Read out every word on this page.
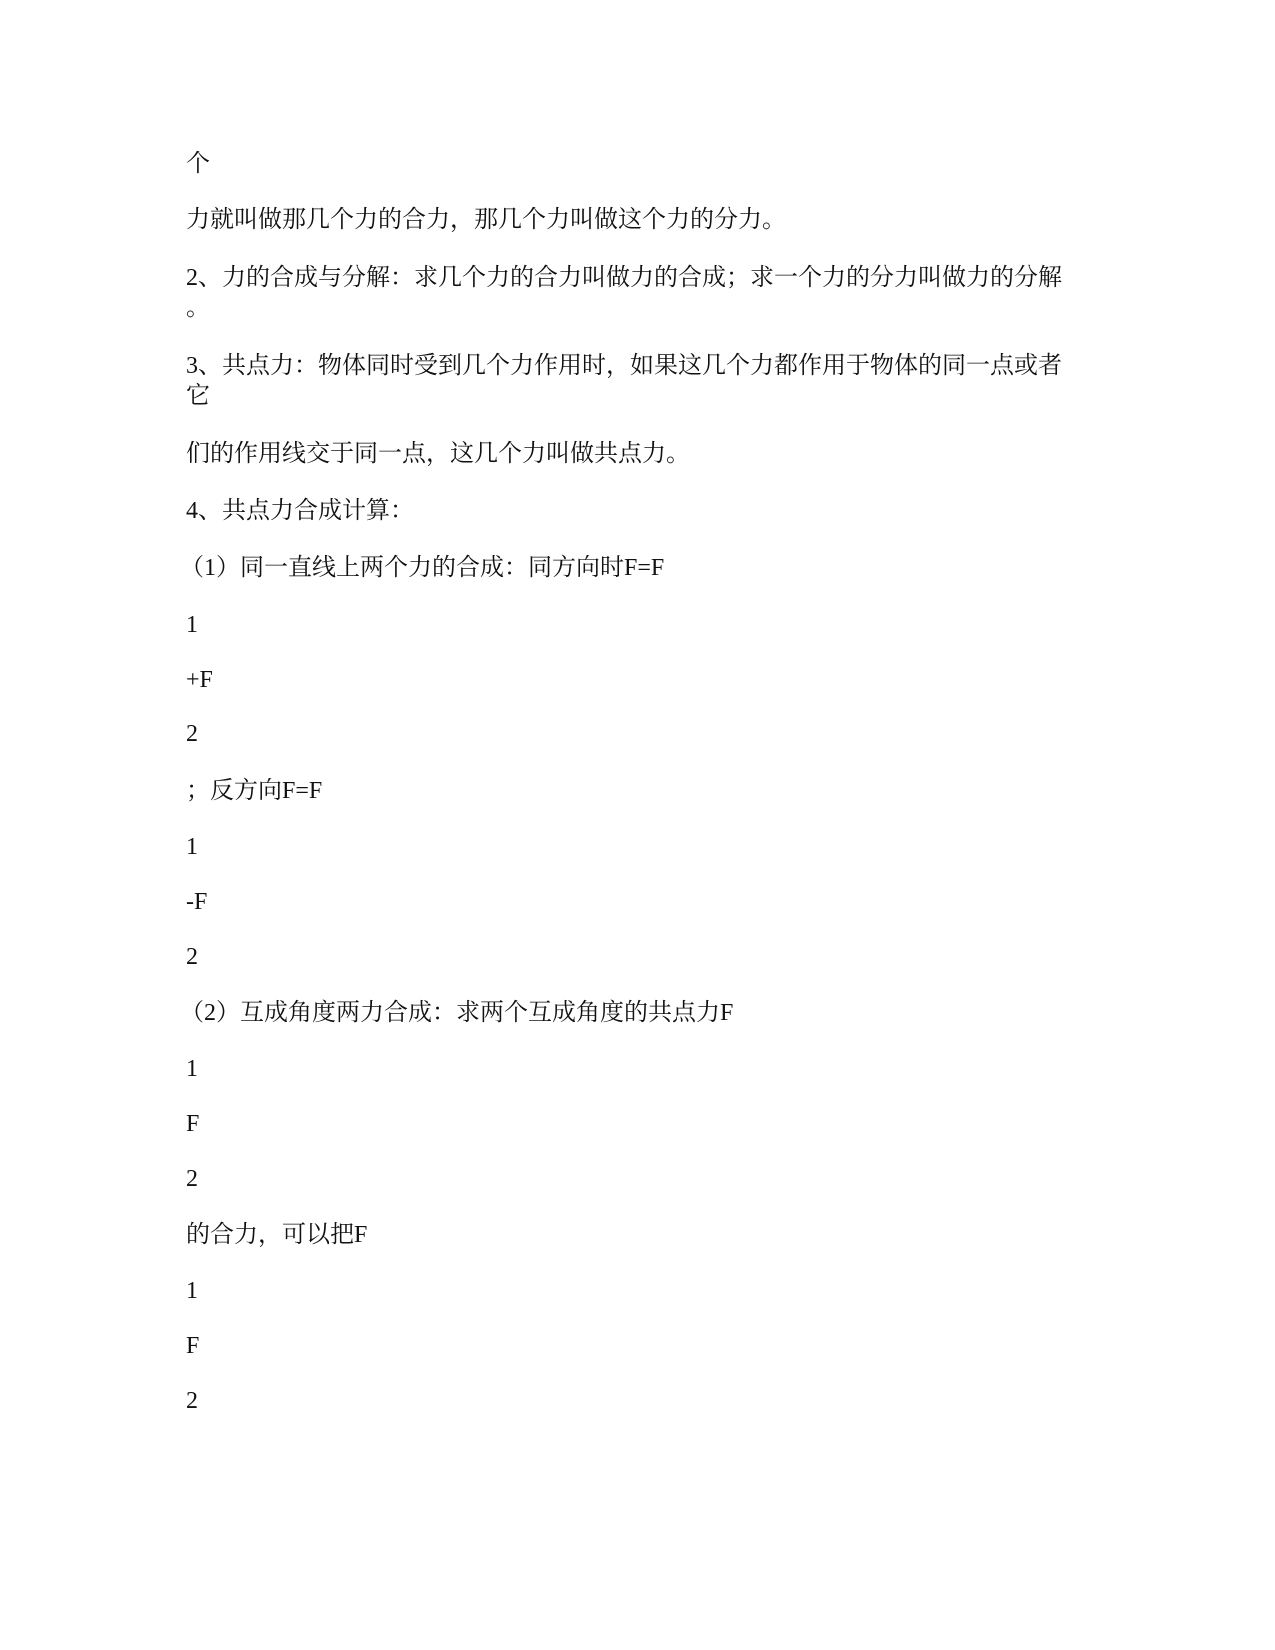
个

力就叫做那几个力的合力，那几个力叫做这个力的分力。

2、力的合成与分解：求几个力的合力叫做力的合成；求一个力的分力叫做力的分解

。

3、共点力：物体同时受到几个力作用时，如果这几个力都作用于物体的同一点或者

它

们的作用线交于同一点，这几个力叫做共点力。

4、共点力合成计算：

（1）同一直线上两个力的合成：同方向时F=F

1

+F

2

；反方向F=F

1

-F

2

（2）互成角度两力合成：求两个互成角度的共点力F

1

F

2

的合力，可以把F

1

F

2
